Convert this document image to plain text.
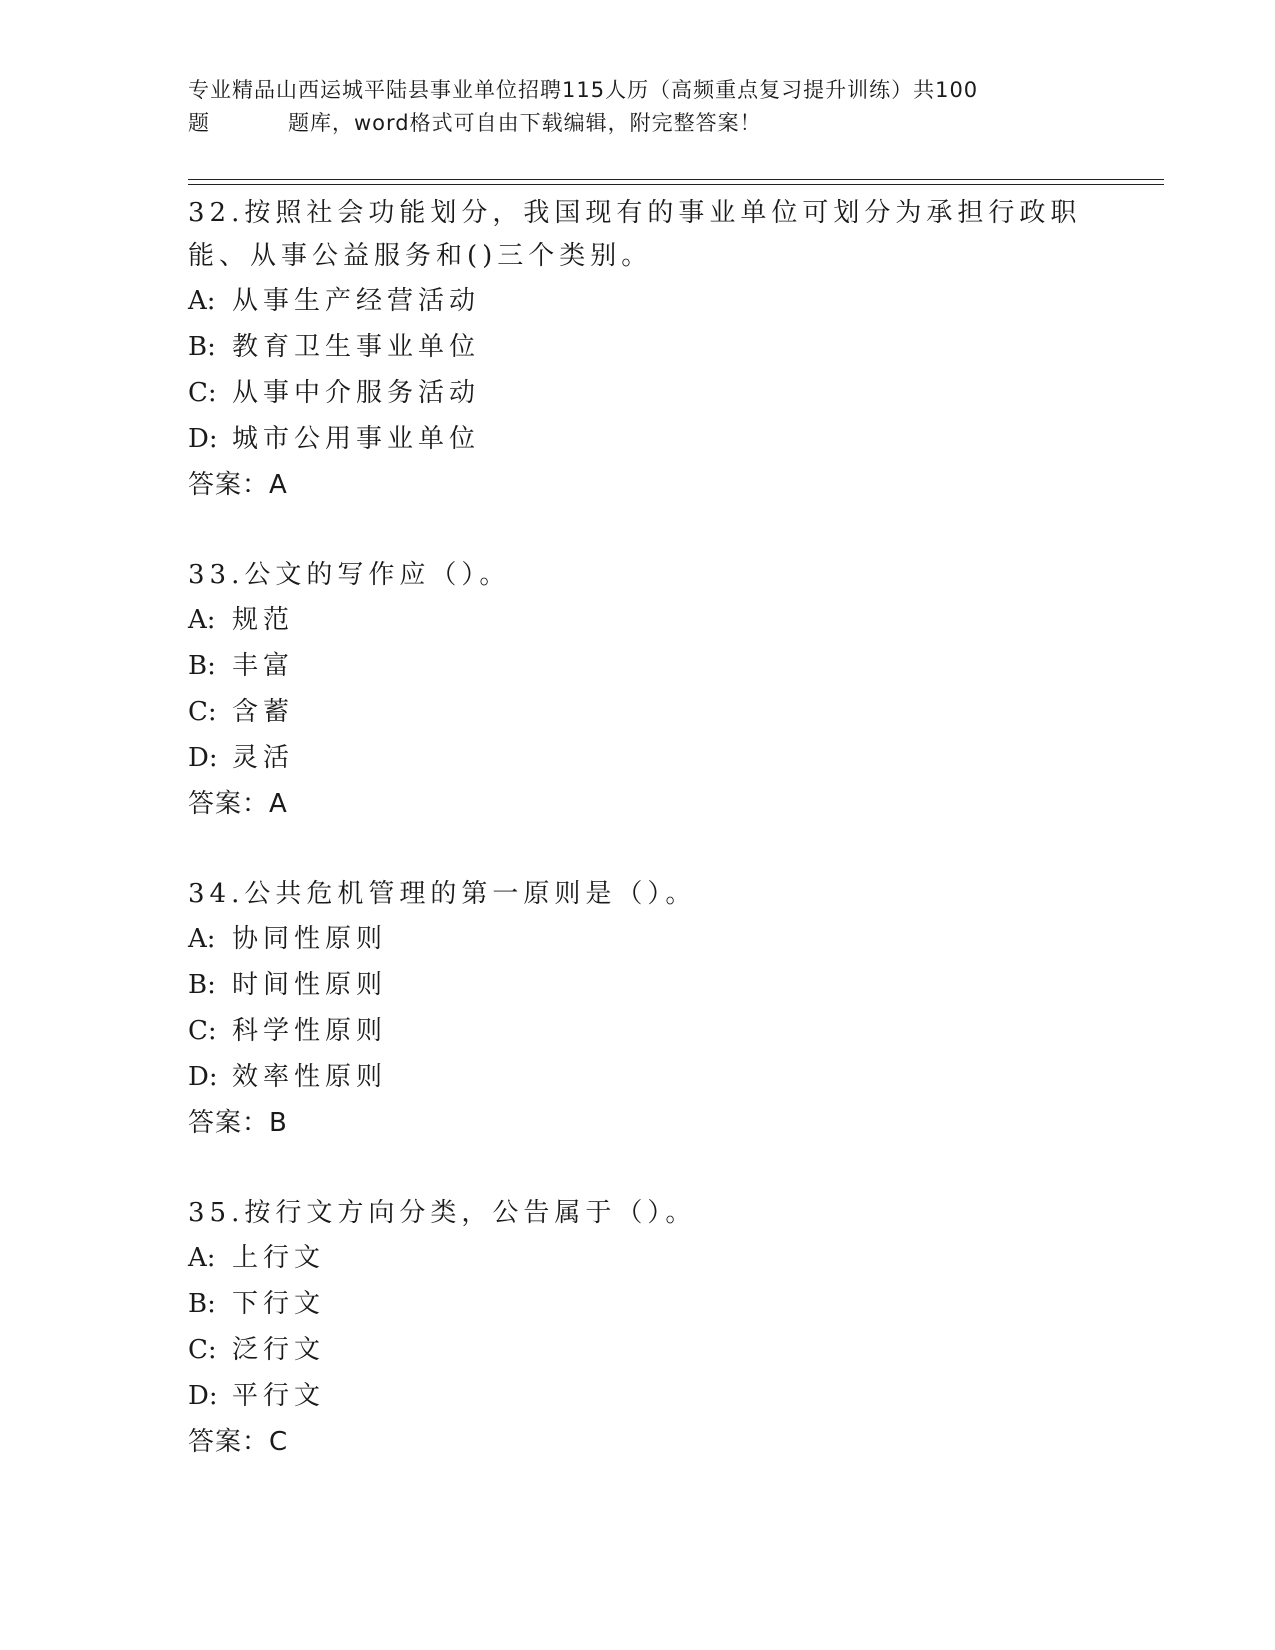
专业精品山西运城平陆县事业单位招聘115人历（高频重点复习提升训练）共100
题	题库，word格式可自由下载编辑，附完整答案！

32.按照社会功能划分，我国现有的事业单位可划分为承担行政职能、从事公益服务和()三个类别。

A: 从事生产经营活动

B: 教育卫生事业单位

C: 从事中介服务活动

D: 城市公用事业单位

答案：A

33.公文的写作应（）。

A: 规范

B: 丰富

C: 含蓄

D: 灵活

答案：A

34.公共危机管理的第一原则是（）。

A: 协同性原则

B: 时间性原则

C: 科学性原则

D: 效率性原则

答案：B

35.按行文方向分类，公告属于（）。

A: 上行文

B: 下行文

C: 泛行文

D: 平行文

答案：C
